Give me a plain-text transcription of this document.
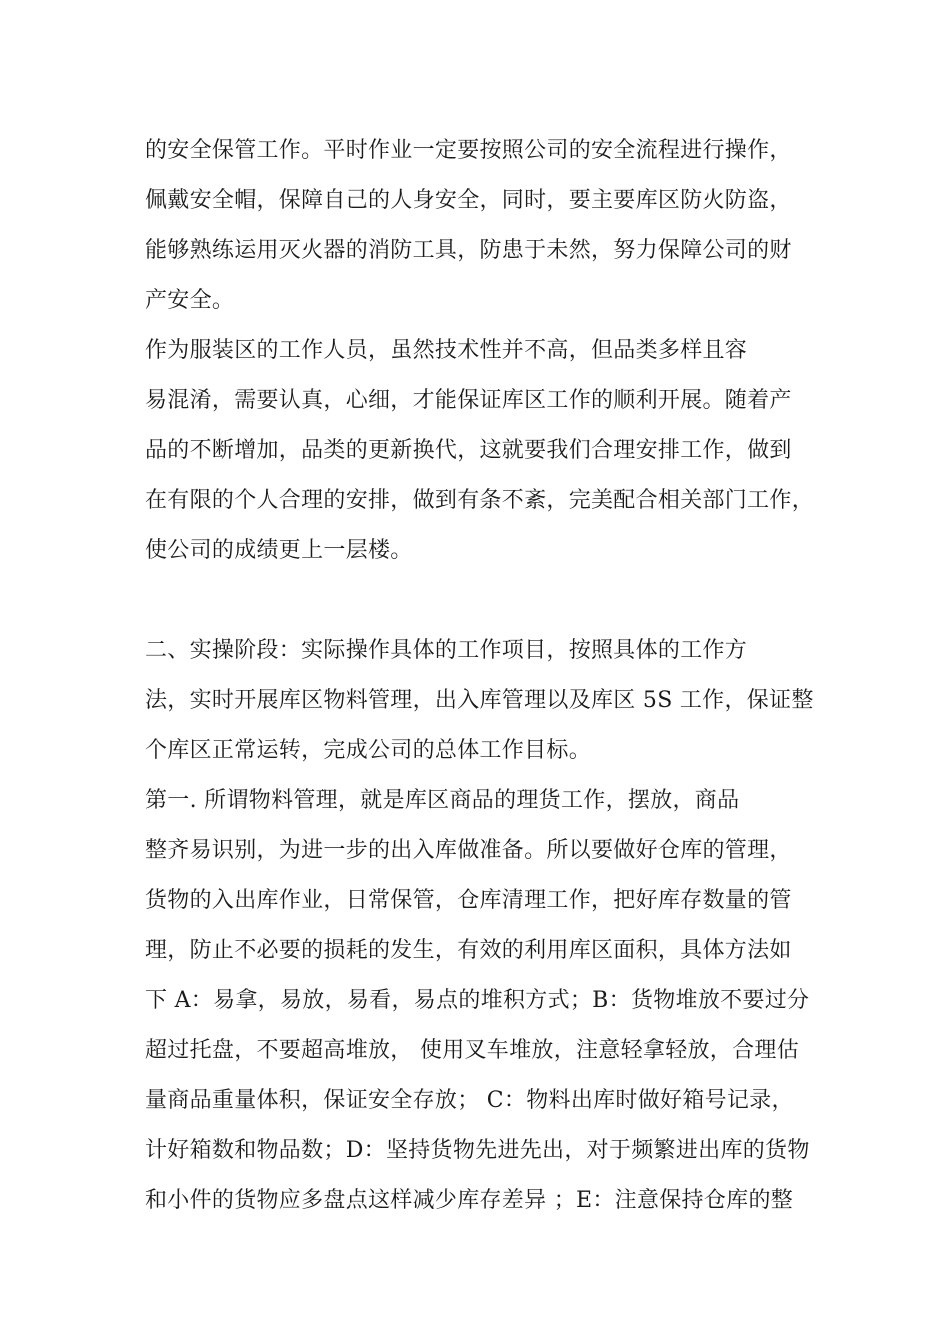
的安全保管工作。平时作业一定要按照公司的安全流程进行操作，
佩戴安全帽，保障自己的人身安全，同时，要主要库区防火防盗，
能够熟练运用灭火器的消防工具，防患于未然，努力保障公司的财
产安全。
作为服装区的工作人员，虽然技术性并不高，但品类多样且容
易混淆，需要认真，心细，才能保证库区工作的顺利开展。随着产
品的不断增加，品类的更新换代，这就要我们合理安排工作，做到
在有限的个人合理的安排，做到有条不紊，完美配合相关部门工作，
使公司的成绩更上一层楼。
二、实操阶段：实际操作具体的工作项目，按照具体的工作方
法，实时开展库区物料管理，出入库管理以及库区 5S 工作，保证整
个库区正常运转，完成公司的总体工作目标。
第一. 所谓物料管理，就是库区商品的理货工作，摆放，商品
整齐易识别，为进一步的出入库做准备。所以要做好仓库的管理，
货物的入出库作业，日常保管，仓库清理工作，把好库存数量的管
理，防止不必要的损耗的发生，有效的利用库区面积，具体方法如
下 A：易拿，易放，易看，易点的堆积方式；B：货物堆放不要过分
超过托盘，不要超高堆放， 使用叉车堆放，注意轻拿轻放，合理估
量商品重量体积，保证安全存放； C：物料出库时做好箱号记录，
计好箱数和物品数；D：坚持货物先进先出，对于频繁进出库的货物
和小件的货物应多盘点这样减少库存差异 ；E：注意保持仓库的整
